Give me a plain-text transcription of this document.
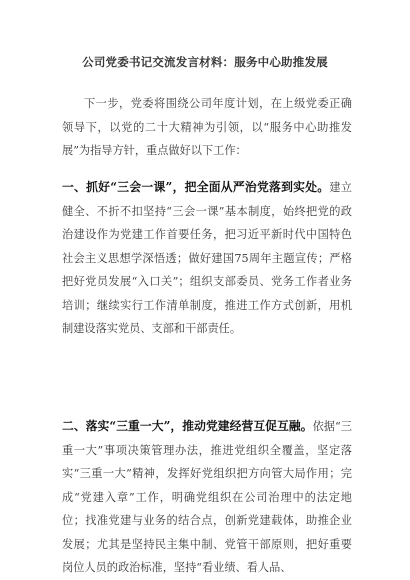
公司党委书记交流发言材料：服务中心助推发展
下一步，党委将围绕公司年度计划，在上级党委正确领导下，以党的二十大精神为引领，以“服务中心助推发展”为指导方针，重点做好以下工作：
一、抓好“三会一课”，把全面从严治党落到实处。建立健全、不折不扣坚持“三会一课”基本制度，始终把党的政治建设作为党建工作首要任务，把习近平新时代中国特色社会主义思想学深悟透；做好建国75周年主题宣传；严格把好党员发展“入口关”；组织支部委员、党务工作者业务培训；继续实行工作清单制度，推进工作方式创新，用机制建设落实党员、支部和干部责任。
二、落实“三重一大”，推动党建经营互促互融。依据“三重一大”事项决策管理办法，推进党组织全覆盖，坚定落实“三重一大”精神，发挥好党组织把方向管大局作用；完成“党建入章”工作，明确党组织在公司治理中的法定地位；找准党建与业务的结合点，创新党建载体，助推企业发展；尤其是坚持民主集中制、党管干部原则，把好重要岗位人员的政治标准，坚持“看业绩、看人品、
